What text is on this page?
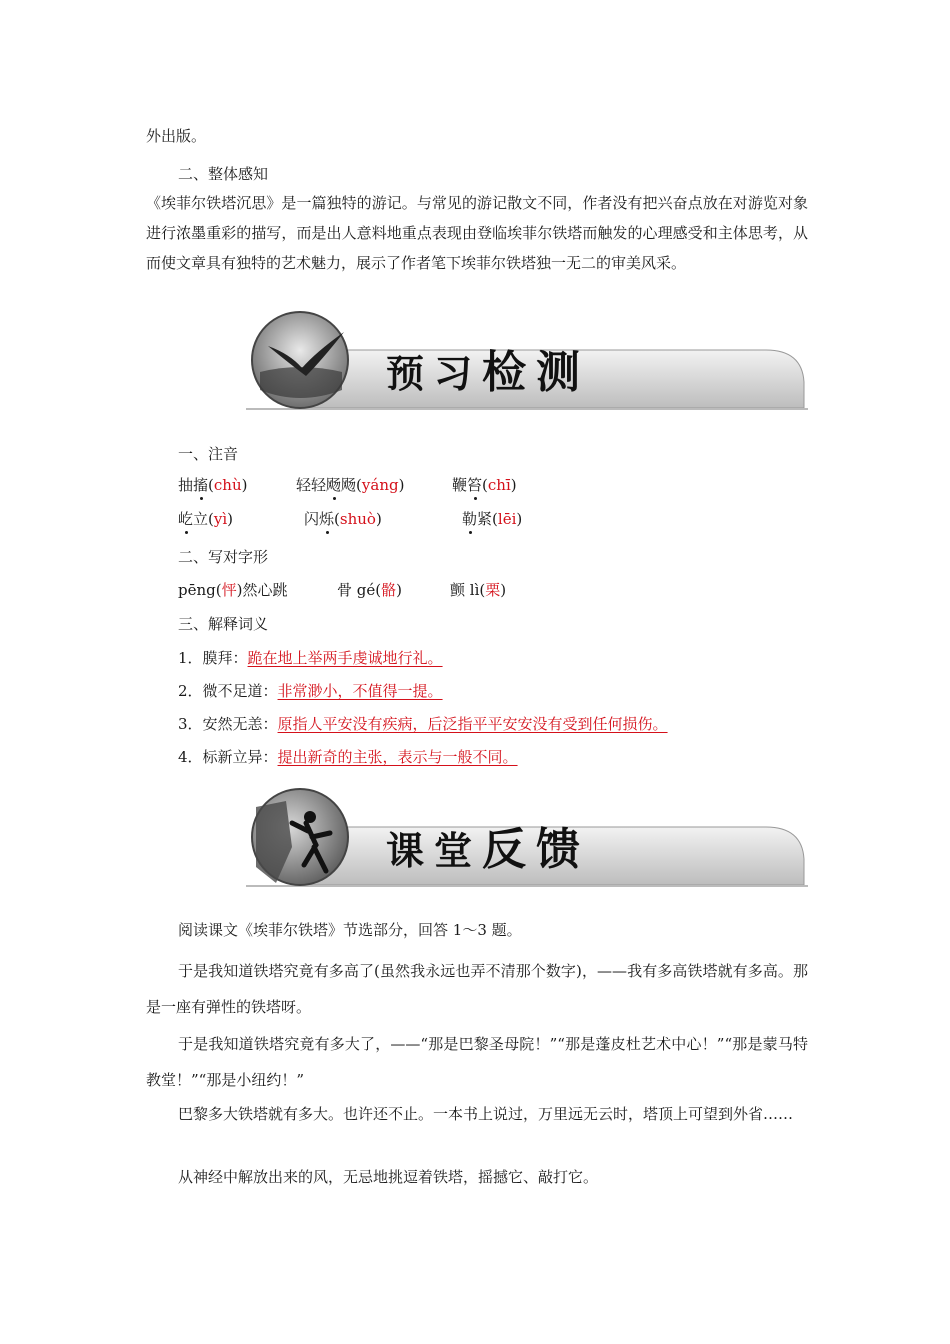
外出版。
二、整体感知
《埃菲尔铁塔沉思》是一篇独特的游记。与常见的游记散文不同，作者没有把兴奋点放在对游览对象进行浓墨重彩的描写，而是出人意料地重点表现由登临埃菲尔铁塔而触发的心理感受和主体思考，从而使文章具有独特的艺术魅力，展示了作者笔下埃菲尔铁塔独一无二的审美风采。
预习检测
一、注音
抽搐(chù)	轻轻飏飏(yáng)	鞭笞(chī)
屹立(yì)	闪烁(shuò)	勒紧(lēi)
二、写对字形
pēng(怦)然心跳	骨 gé(骼)	颤 lì(栗)
三、解释词义
1．膜拜：跪在地上举两手虔诚地行礼。
2．微不足道：非常渺小，不值得一提。
3．安然无恙：原指人平安没有疾病，后泛指平平安安没有受到任何损伤。
4．标新立异：提出新奇的主张，表示与一般不同。
课堂反馈
阅读课文《埃菲尔铁塔》节选部分，回答 1～3 题。
于是我知道铁塔究竟有多高了(虽然我永远也弄不清那个数字)，——我有多高铁塔就有多高。那是一座有弹性的铁塔呀。
于是我知道铁塔究竟有多大了，——“那是巴黎圣母院！”“那是蓬皮杜艺术中心！”“那是蒙马特教堂！”“那是小纽约！”
巴黎多大铁塔就有多大。也许还不止。一本书上说过，万里远无云时，塔顶上可望到外省……
从神经中解放出来的风，无忌地挑逗着铁塔，摇撼它、敲打它。
